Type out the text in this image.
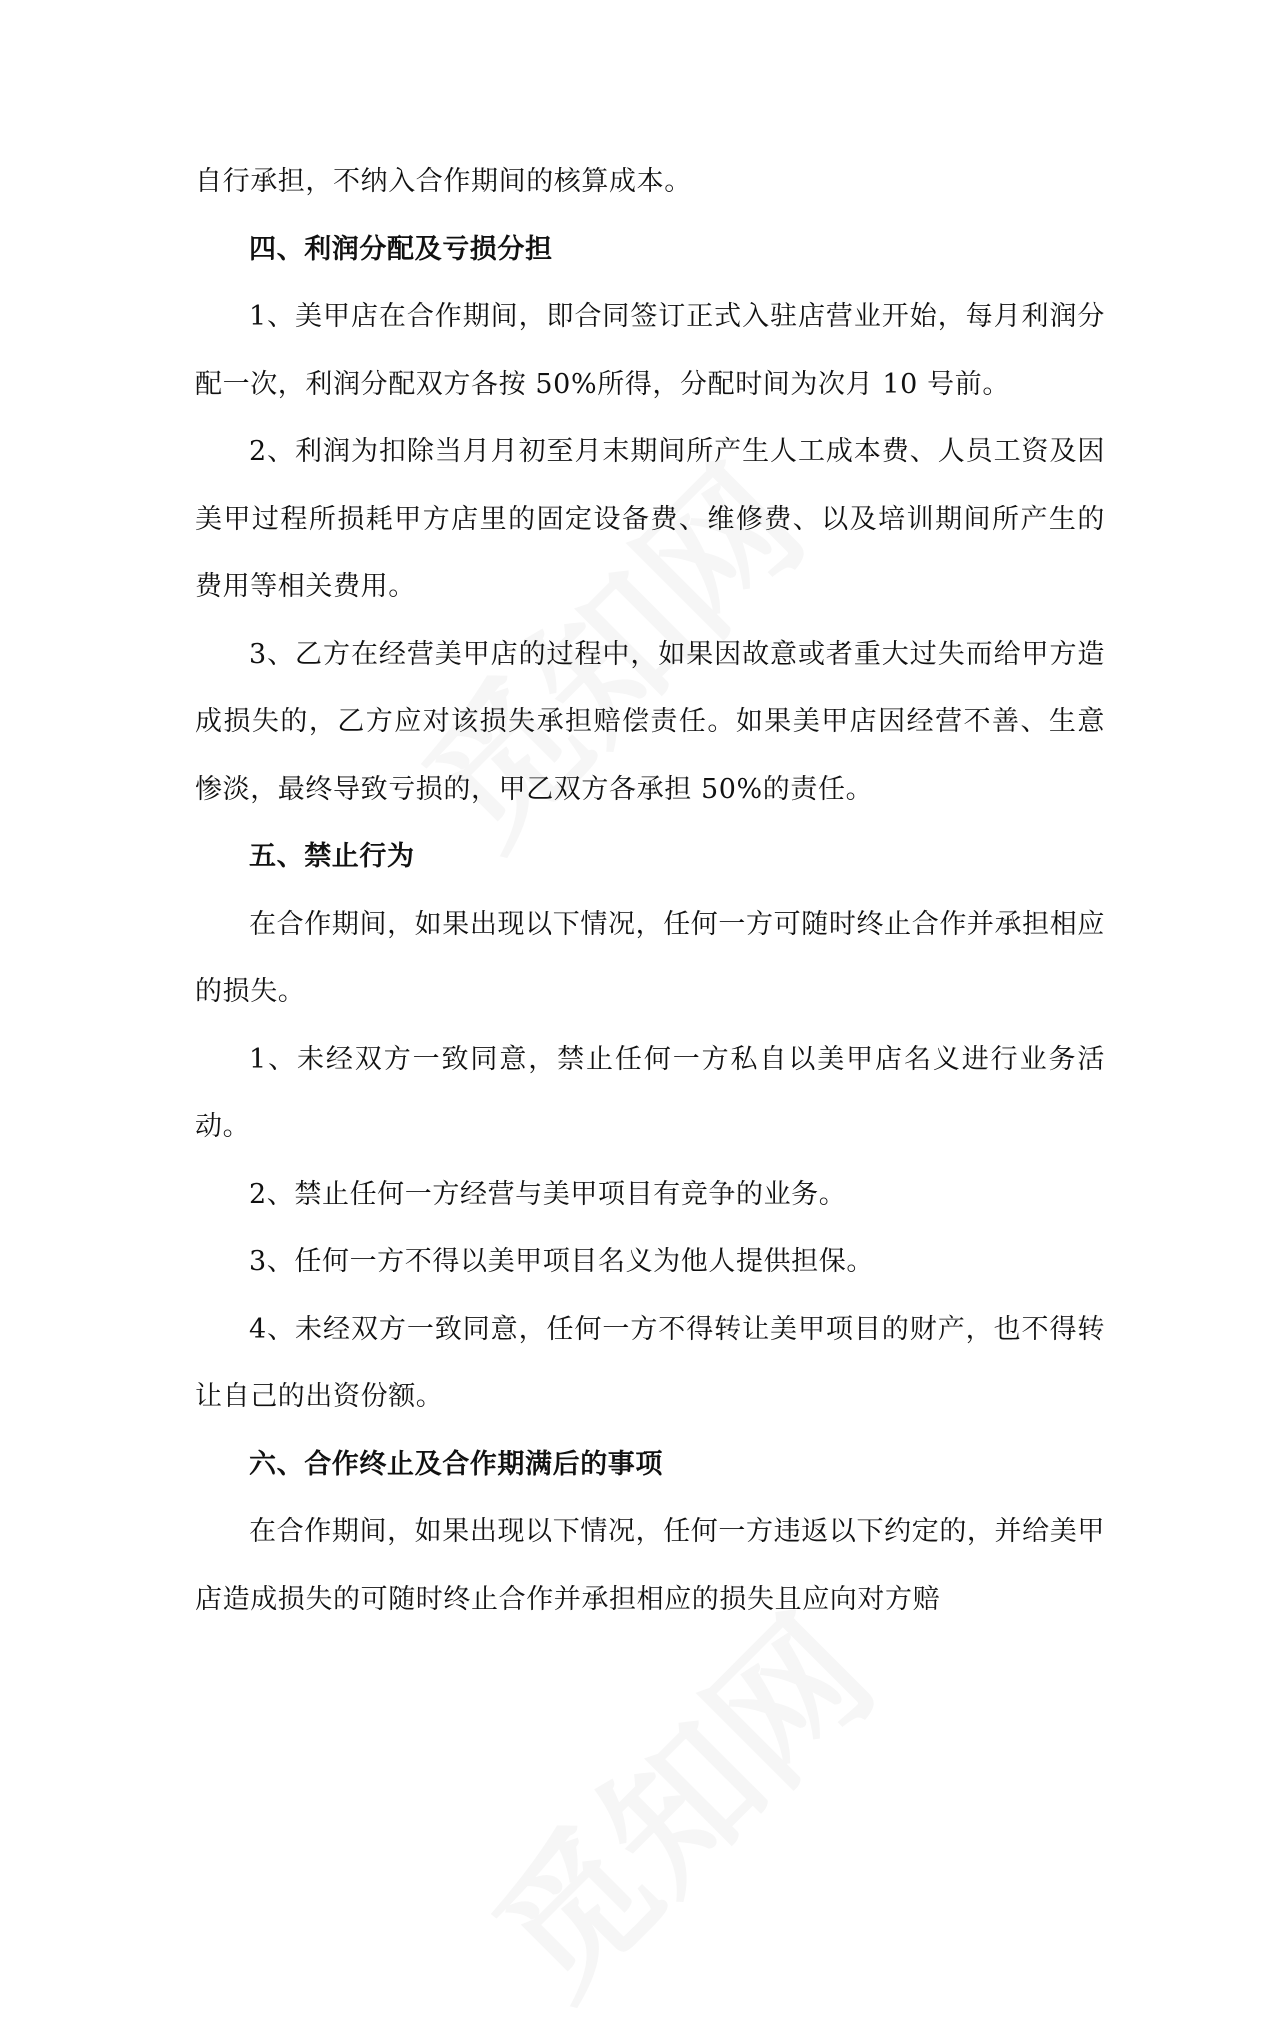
自行承担，不纳入合作期间的核算成本。

四、利润分配及亏损分担

1、美甲店在合作期间，即合同签订正式入驻店营业开始，每月利润分配一次，利润分配双方各按 50%所得，分配时间为次月 10 号前。

2、利润为扣除当月月初至月末期间所产生人工成本费、人员工资及因美甲过程所损耗甲方店里的固定设备费、维修费、以及培训期间所产生的费用等相关费用。

3、乙方在经营美甲店的过程中，如果因故意或者重大过失而给甲方造成损失的，乙方应对该损失承担赔偿责任。如果美甲店因经营不善、生意惨淡，最终导致亏损的，甲乙双方各承担 50%的责任。

五、禁止行为

在合作期间，如果出现以下情况，任何一方可随时终止合作并承担相应的损失。

1、未经双方一致同意，禁止任何一方私自以美甲店名义进行业务活动。

2、禁止任何一方经营与美甲项目有竞争的业务。

3、任何一方不得以美甲项目名义为他人提供担保。

4、未经双方一致同意，任何一方不得转让美甲项目的财产，也不得转让自己的出资份额。

六、合作终止及合作期满后的事项

在合作期间，如果出现以下情况，任何一方违返以下约定的，并给美甲店造成损失的可随时终止合作并承担相应的损失且应向对方赔
